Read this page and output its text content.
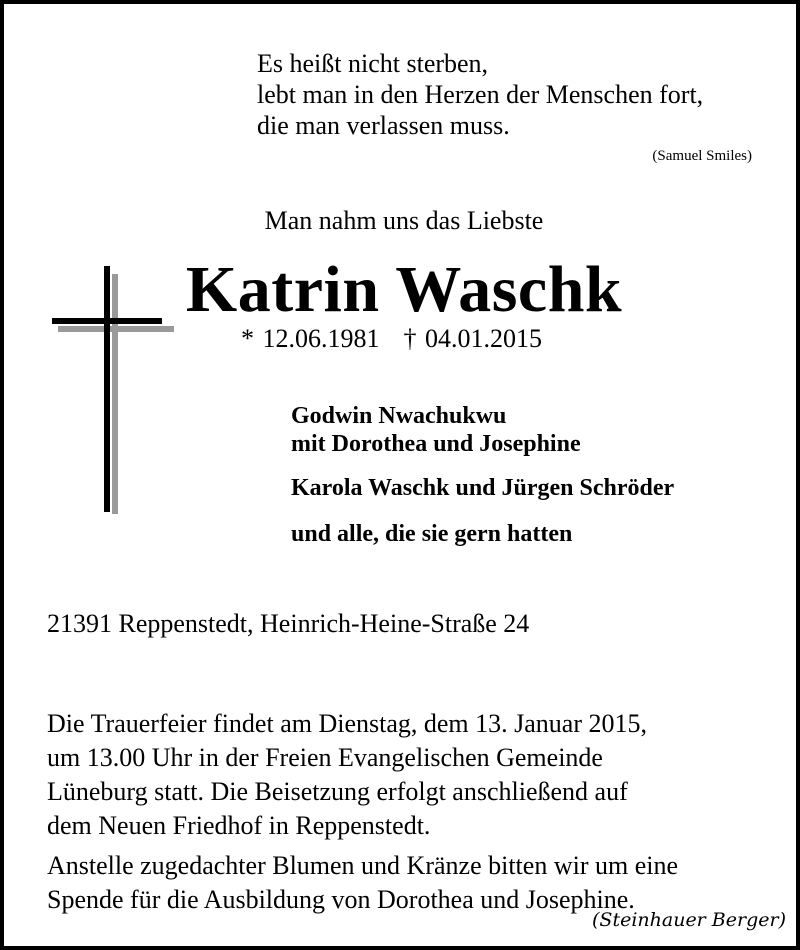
Es heißt nicht sterben,
lebt man in den Herzen der Menschen fort,
die man verlassen muss.
(Samuel Smiles)
Man nahm uns das Liebste
Katrin Waschk
* 12.06.1981 † 04.01.2015
Godwin Nwachukwu
mit Dorothea und Josephine
Karola Waschk und Jürgen Schröder
und alle, die sie gern hatten
21391 Reppenstedt, Heinrich-Heine-Straße 24
Die Trauerfeier findet am Dienstag, dem 13. Januar 2015,
um 13.00 Uhr in der Freien Evangelischen Gemeinde
Lüneburg statt. Die Beisetzung erfolgt anschließend auf
dem Neuen Friedhof in Reppenstedt.
Anstelle zugedachter Blumen und Kränze bitten wir um eine
Spende für die Ausbildung von Dorothea und Josephine.
(Steinhauer Berger)
